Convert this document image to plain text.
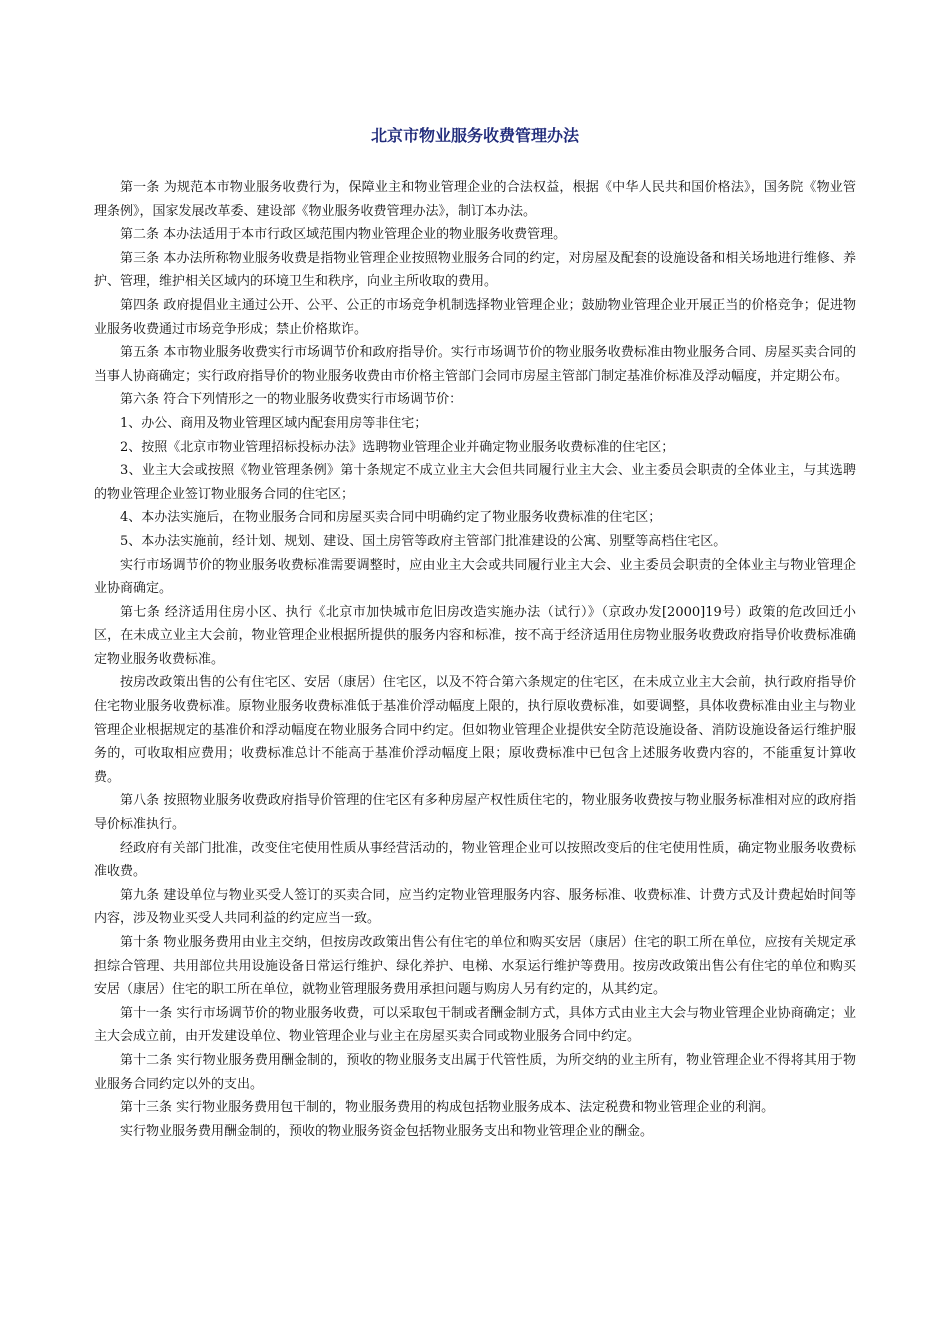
北京市物业服务收费管理办法

第一条 为规范本市物业服务收费行为，保障业主和物业管理企业的合法权益，根据《中华人民共和国价格法》，国务院《物业管理条例》，国家发展改革委、建设部《物业服务收费管理办法》，制订本办法。

第二条 本办法适用于本市行政区域范围内物业管理企业的物业服务收费管理。

第三条 本办法所称物业服务收费是指物业管理企业按照物业服务合同的约定，对房屋及配套的设施设备和相关场地进行维修、养护、管理，维护相关区域内的环境卫生和秩序，向业主所收取的费用。

第四条 政府提倡业主通过公开、公平、公正的市场竞争机制选择物业管理企业；鼓励物业管理企业开展正当的价格竞争；促进物业服务收费通过市场竞争形成；禁止价格欺诈。

第五条 本市物业服务收费实行市场调节价和政府指导价。实行市场调节价的物业服务收费标准由物业服务合同、房屋买卖合同的当事人协商确定；实行政府指导价的物业服务收费由市价格主管部门会同市房屋主管部门制定基准价标准及浮动幅度，并定期公布。

第六条 符合下列情形之一的物业服务收费实行市场调节价：

1、办公、商用及物业管理区域内配套用房等非住宅；

2、按照《北京市物业管理招标投标办法》选聘物业管理企业并确定物业服务收费标准的住宅区；

3、业主大会或按照《物业管理条例》第十条规定不成立业主大会但共同履行业主大会、业主委员会职责的全体业主，与其选聘的物业管理企业签订物业服务合同的住宅区；

4、本办法实施后，在物业服务合同和房屋买卖合同中明确约定了物业服务收费标准的住宅区；

5、本办法实施前，经计划、规划、建设、国土房管等政府主管部门批准建设的公寓、别墅等高档住宅区。

实行市场调节价的物业服务收费标准需要调整时，应由业主大会或共同履行业主大会、业主委员会职责的全体业主与物业管理企业协商确定。

第七条 经济适用住房小区、执行《北京市加快城市危旧房改造实施办法（试行）》（京政办发[2000]19号）政策的危改回迁小区，在未成立业主大会前，物业管理企业根据所提供的服务内容和标准，按不高于经济适用住房物业服务收费政府指导价收费标准确定物业服务收费标准。

按房改政策出售的公有住宅区、安居（康居）住宅区，以及不符合第六条规定的住宅区，在未成立业主大会前，执行政府指导价住宅物业服务收费标准。原物业服务收费标准低于基准价浮动幅度上限的，执行原收费标准，如要调整，具体收费标准由业主与物业管理企业根据规定的基准价和浮动幅度在物业服务合同中约定。但如物业管理企业提供安全防范设施设备、消防设施设备运行维护服务的，可收取相应费用；收费标准总计不能高于基准价浮动幅度上限；原收费标准中已包含上述服务收费内容的，不能重复计算收费。

第八条 按照物业服务收费政府指导价管理的住宅区有多种房屋产权性质住宅的，物业服务收费按与物业服务标准相对应的政府指导价标准执行。

经政府有关部门批准，改变住宅使用性质从事经营活动的，物业管理企业可以按照改变后的住宅使用性质，确定物业服务收费标准收费。

第九条 建设单位与物业买受人签订的买卖合同，应当约定物业管理服务内容、服务标准、收费标准、计费方式及计费起始时间等内容，涉及物业买受人共同利益的约定应当一致。

第十条 物业服务费用由业主交纳，但按房改政策出售公有住宅的单位和购买安居（康居）住宅的职工所在单位，应按有关规定承担综合管理、共用部位共用设施设备日常运行维护、绿化养护、电梯、水泵运行维护等费用。按房改政策出售公有住宅的单位和购买安居（康居）住宅的职工所在单位，就物业管理服务费用承担问题与购房人另有约定的，从其约定。

第十一条 实行市场调节价的物业服务收费，可以采取包干制或者酬金制方式，具体方式由业主大会与物业管理企业协商确定；业主大会成立前，由开发建设单位、物业管理企业与业主在房屋买卖合同或物业服务合同中约定。

第十二条 实行物业服务费用酬金制的，预收的物业服务支出属于代管性质，为所交纳的业主所有，物业管理企业不得将其用于物业服务合同约定以外的支出。

第十三条 实行物业服务费用包干制的，物业服务费用的构成包括物业服务成本、法定税费和物业管理企业的利润。

实行物业服务费用酬金制的，预收的物业服务资金包括物业服务支出和物业管理企业的酬金。
